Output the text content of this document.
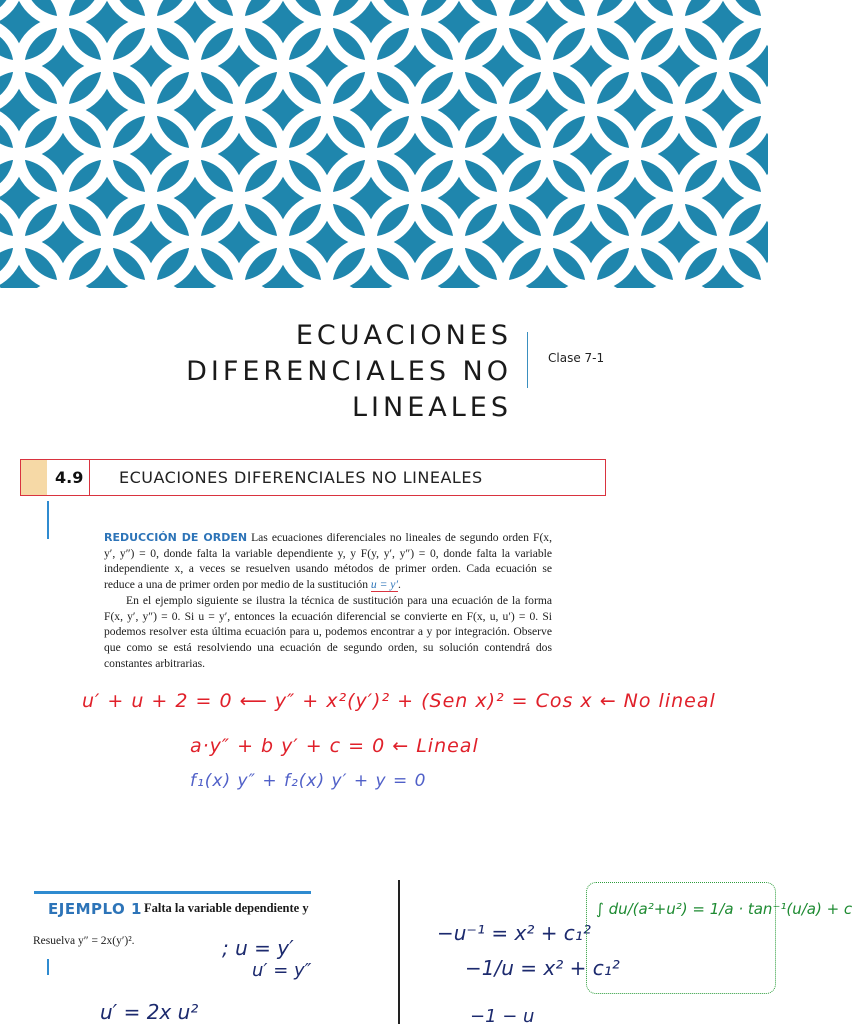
ECUACIONES DIFERENCIALES NO
LINEALES
Clase 7-1
4.9 ECUACIONES DIFERENCIALES NO LINEALES

REDUCCIÓN DE ORDEN Las ecuaciones diferenciales no lineales de segundo orden F(x, y′, y″) = 0, donde falta la variable dependiente y, y F(y, y′, y″) = 0, donde falta la variable independiente x, a veces se resuelven usando métodos de primer orden. Cada ecuación se reduce a una de primer orden por medio de la sustitución u = y′.

En el ejemplo siguiente se ilustra la técnica de sustitución para una ecuación de la forma F(x, y′, y″) = 0. Si u = y′, entonces la ecuación diferencial se convierte en F(x, u, u′) = 0. Si podemos resolver esta última ecuación para u, podemos encontrar a y por integración. Observe que como se está resolviendo una ecuación de segundo orden, su solución contendrá dos constantes arbitrarias.

u′ + u + 2 = 0 ⟵ y″ + x²(y′)² + (Sen x)² = Cos x ← No lineal
a·y″ + b y′ + c = 0 ← Lineal
f₁(x) y″ + f₂(x) y′ + y = 0
EJEMPLO 1 Falta la variable dependiente y
Resuelva y″ = 2x(y′)².	; u = y′
u′ = y″
u′ = 2x u²
−u⁻¹ = x² + c₁²
−1/u = x² + c₁²
−1 − u
∫ du/(a²+u²) = 1/a · tan⁻¹(u/a) + c
